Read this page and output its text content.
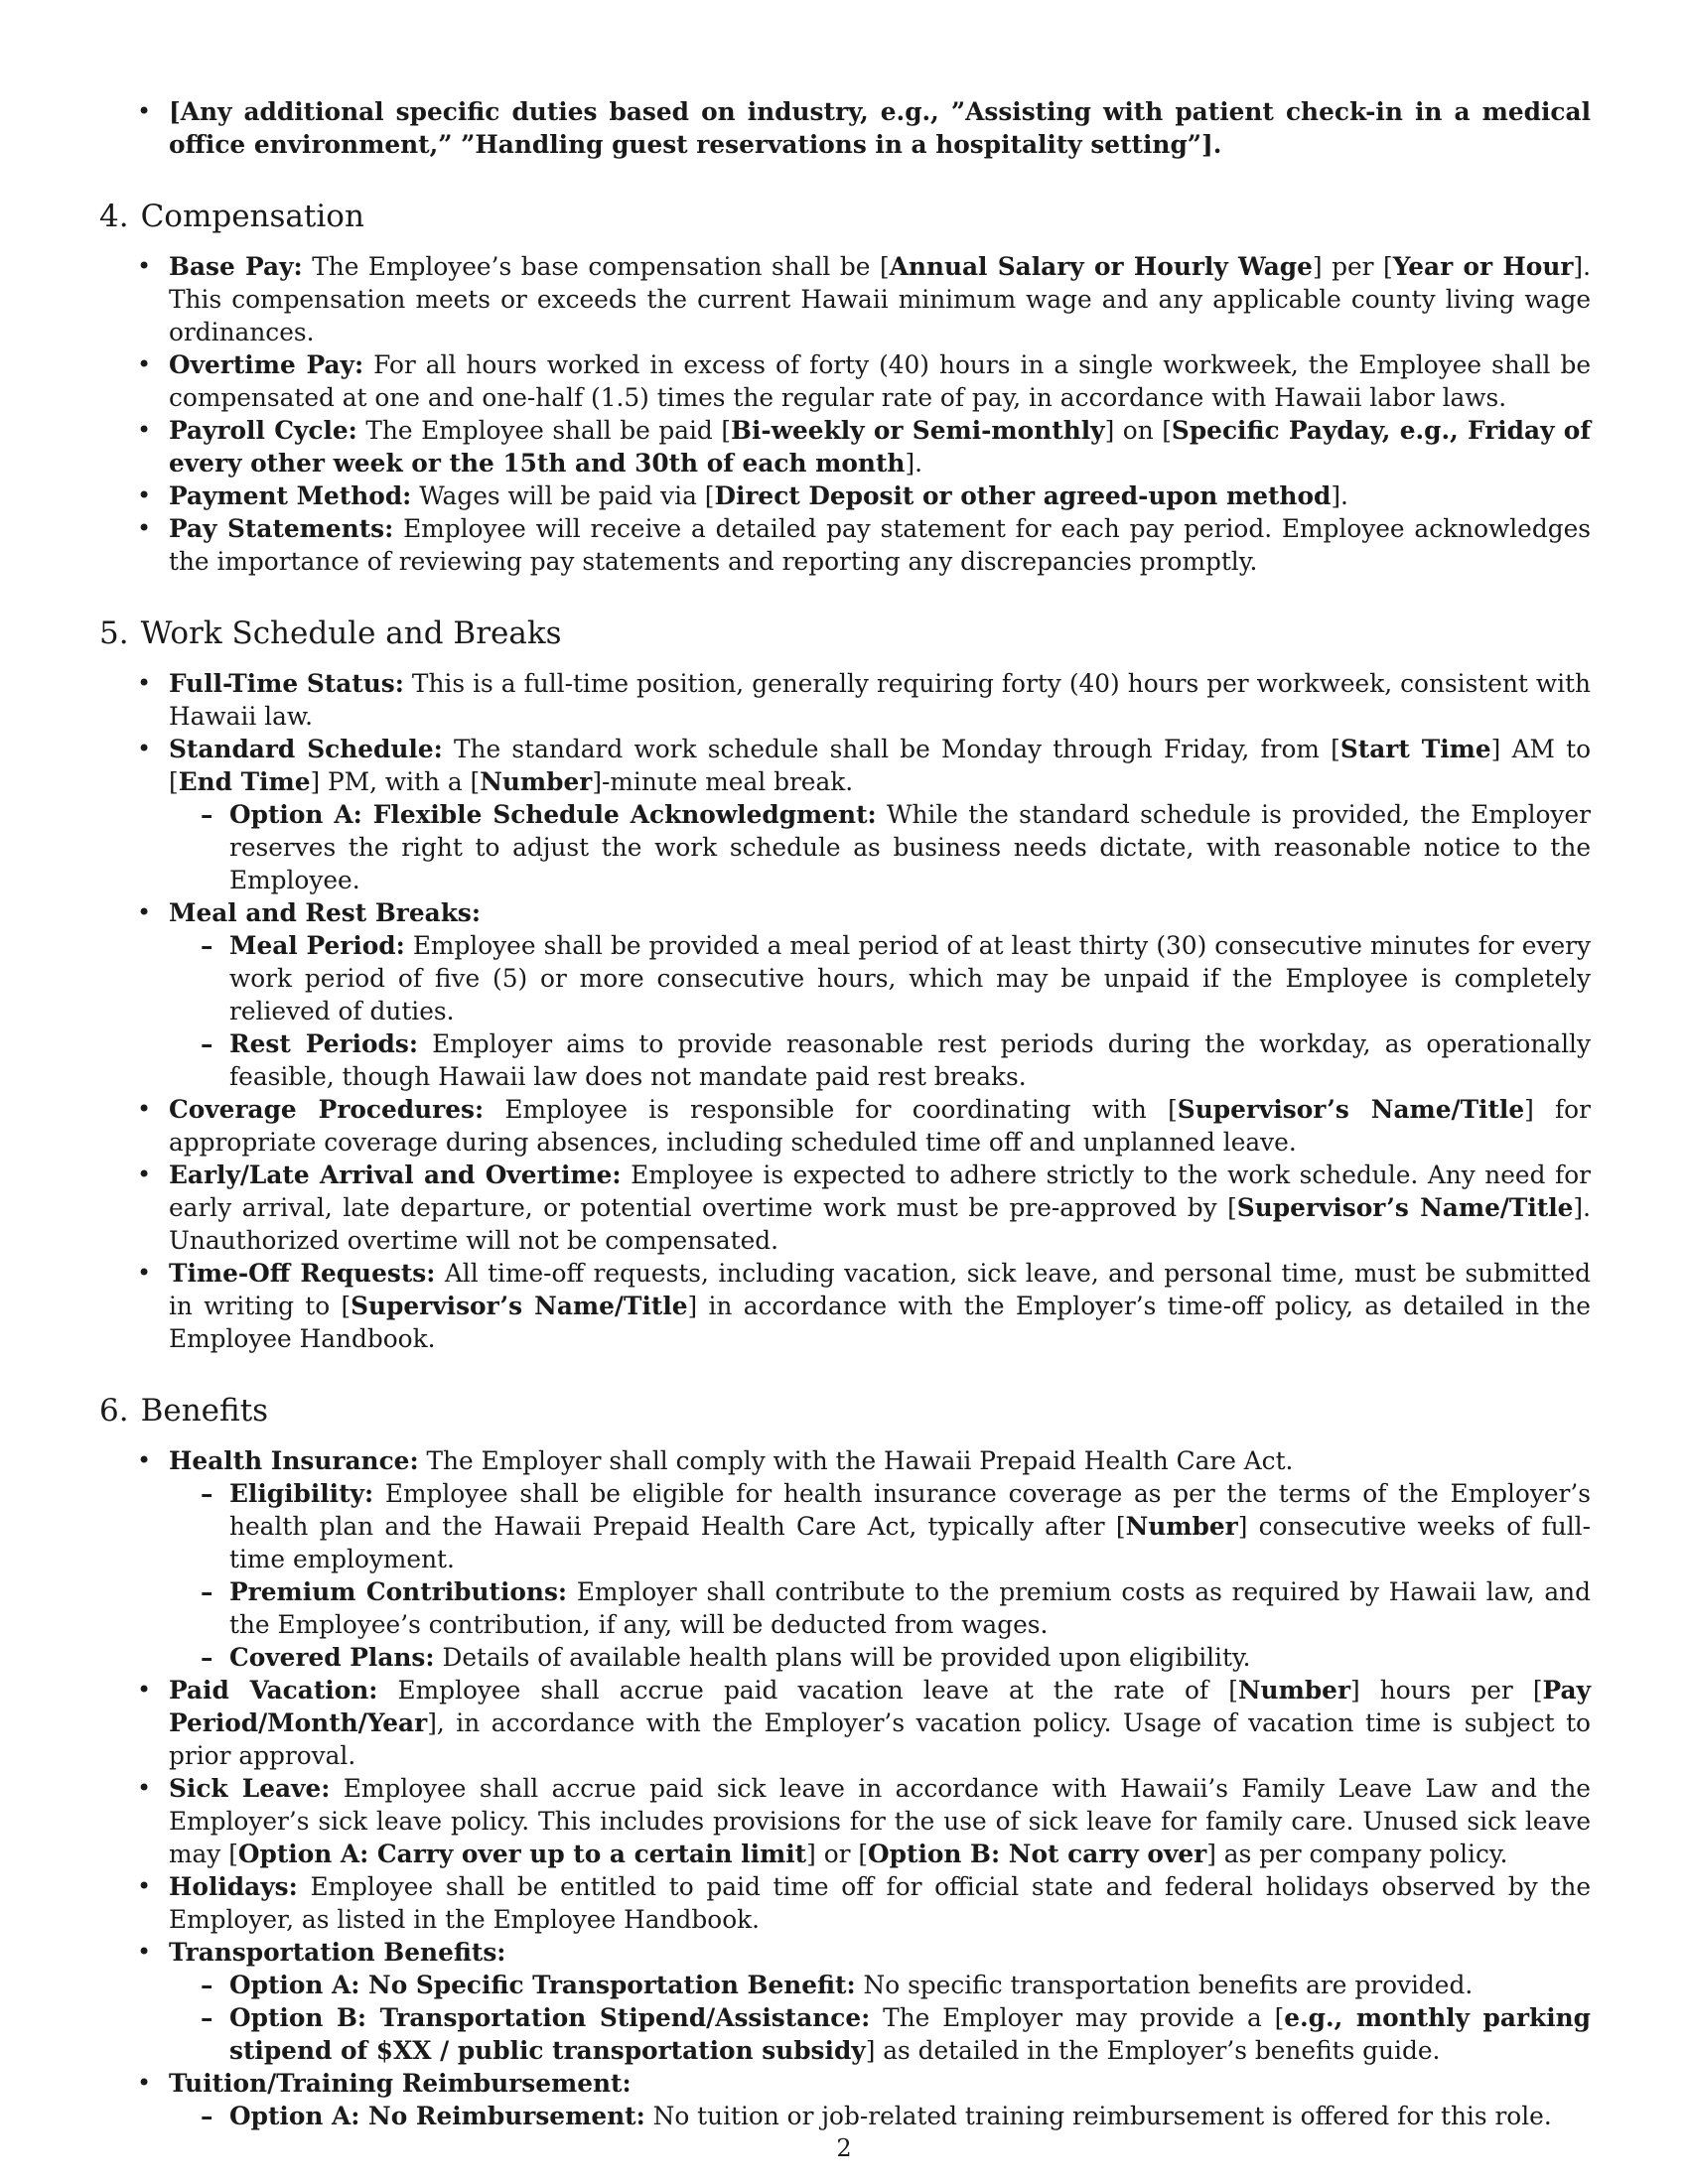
• [Any additional specific duties based on industry, e.g., ”Assisting with patient check-in in a medical office environment,” ”Handling guest reservations in a hospitality setting”].
4. Compensation
• Base Pay: The Employee’s base compensation shall be [Annual Salary or Hourly Wage] per [Year or Hour]. This compensation meets or exceeds the current Hawaii minimum wage and any applicable county living wage ordinances.
• Overtime Pay: For all hours worked in excess of forty (40) hours in a single workweek, the Employee shall be compensated at one and one-half (1.5) times the regular rate of pay, in accordance with Hawaii labor laws.
• Payroll Cycle: The Employee shall be paid [Bi-weekly or Semi-monthly] on [Specific Payday, e.g., Friday of every other week or the 15th and 30th of each month].
• Payment Method: Wages will be paid via [Direct Deposit or other agreed-upon method].
• Pay Statements: Employee will receive a detailed pay statement for each pay period. Employee acknowledges the importance of reviewing pay statements and reporting any discrepancies promptly.
5. Work Schedule and Breaks
• Full-Time Status: This is a full-time position, generally requiring forty (40) hours per workweek, consistent with Hawaii law.
• Standard Schedule: The standard work schedule shall be Monday through Friday, from [Start Time] AM to [End Time] PM, with a [Number]-minute meal break.
– Option A: Flexible Schedule Acknowledgment: While the standard schedule is provided, the Employer reserves the right to adjust the work schedule as business needs dictate, with reasonable notice to the Employee.
• Meal and Rest Breaks:
– Meal Period: Employee shall be provided a meal period of at least thirty (30) consecutive minutes for every work period of five (5) or more consecutive hours, which may be unpaid if the Employee is completely relieved of duties.
– Rest Periods: Employer aims to provide reasonable rest periods during the workday, as operationally feasible, though Hawaii law does not mandate paid rest breaks.
• Coverage Procedures: Employee is responsible for coordinating with [Supervisor’s Name/Title] for appropriate coverage during absences, including scheduled time off and unplanned leave.
• Early/Late Arrival and Overtime: Employee is expected to adhere strictly to the work schedule. Any need for early arrival, late departure, or potential overtime work must be pre-approved by [Supervisor’s Name/Title]. Unauthorized overtime will not be compensated.
• Time-Off Requests: All time-off requests, including vacation, sick leave, and personal time, must be submitted in writing to [Supervisor’s Name/Title] in accordance with the Employer’s time-off policy, as detailed in the Employee Handbook.
6. Benefits
• Health Insurance: The Employer shall comply with the Hawaii Prepaid Health Care Act.
– Eligibility: Employee shall be eligible for health insurance coverage as per the terms of the Employer’s health plan and the Hawaii Prepaid Health Care Act, typically after [Number] consecutive weeks of full-time employment.
– Premium Contributions: Employer shall contribute to the premium costs as required by Hawaii law, and the Employee’s contribution, if any, will be deducted from wages.
– Covered Plans: Details of available health plans will be provided upon eligibility.
• Paid Vacation: Employee shall accrue paid vacation leave at the rate of [Number] hours per [Pay Period/Month/Year], in accordance with the Employer’s vacation policy. Usage of vacation time is subject to prior approval.
• Sick Leave: Employee shall accrue paid sick leave in accordance with Hawaii’s Family Leave Law and the Employer’s sick leave policy. This includes provisions for the use of sick leave for family care. Unused sick leave may [Option A: Carry over up to a certain limit] or [Option B: Not carry over] as per company policy.
• Holidays: Employee shall be entitled to paid time off for official state and federal holidays observed by the Employer, as listed in the Employee Handbook.
• Transportation Benefits:
– Option A: No Specific Transportation Benefit: No specific transportation benefits are provided.
– Option B: Transportation Stipend/Assistance: The Employer may provide a [e.g., monthly parking stipend of $XX / public transportation subsidy] as detailed in the Employer’s benefits guide.
• Tuition/Training Reimbursement:
– Option A: No Reimbursement: No tuition or job-related training reimbursement is offered for this role.
2
